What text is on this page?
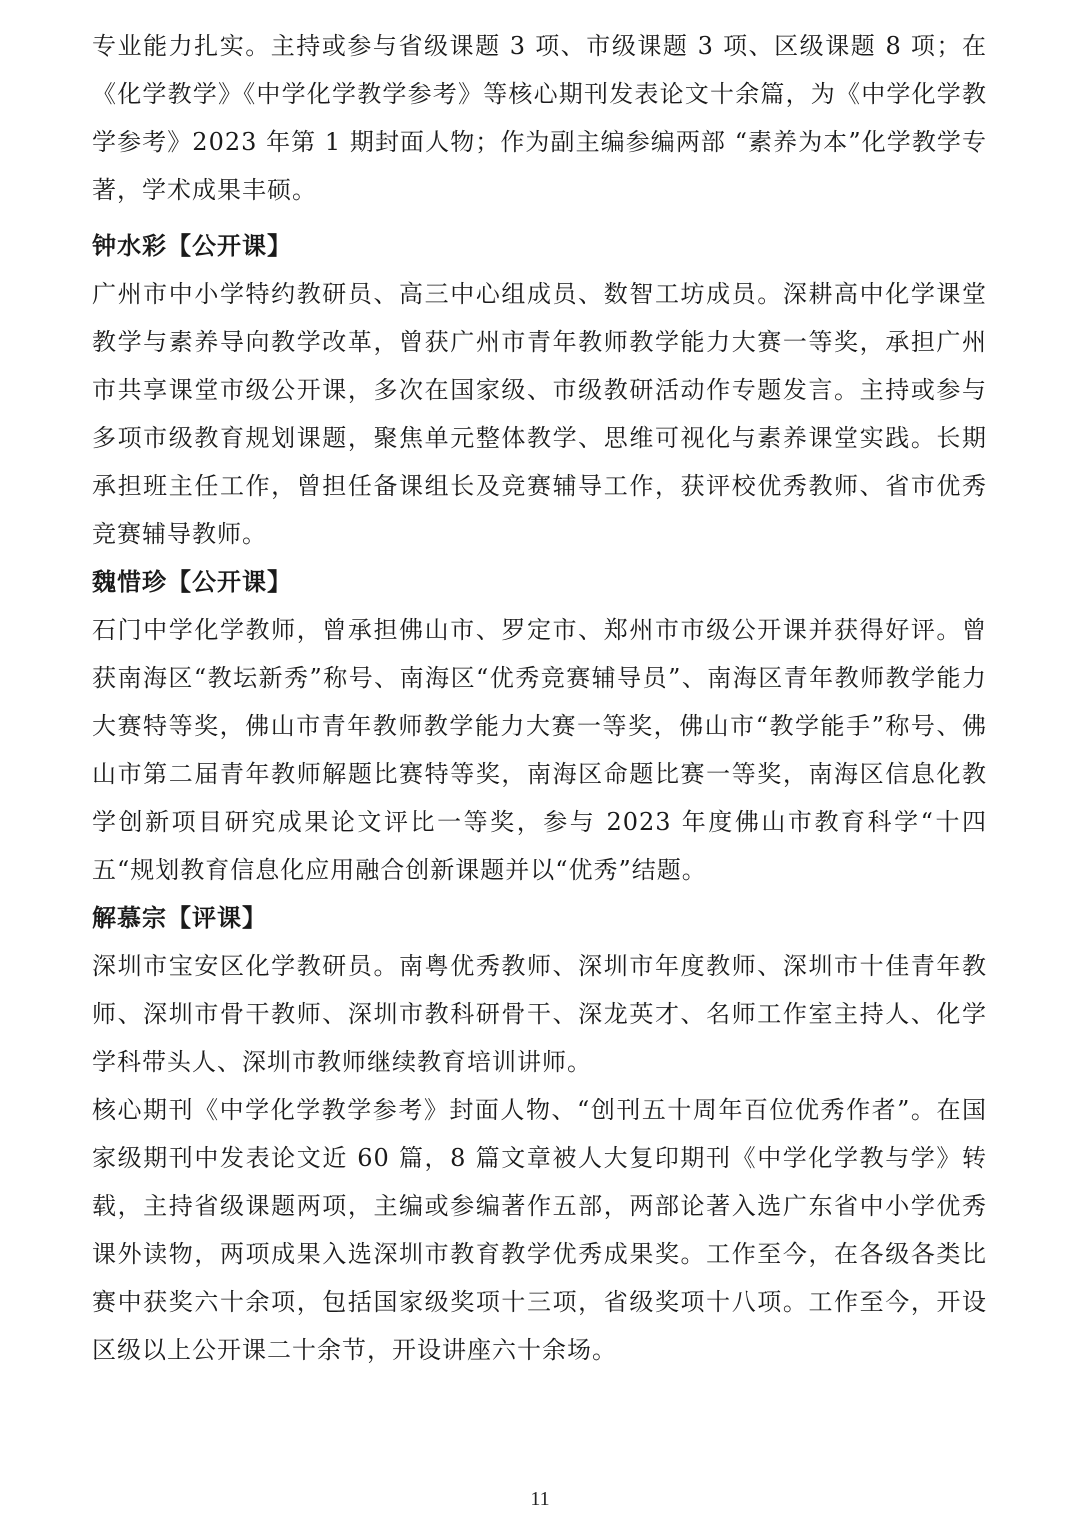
专业能力扎实。主持或参与省级课题 3 项、市级课题 3 项、区级课题 8 项；在《化学教学》《中学化学教学参考》等核心期刊发表论文十余篇，为《中学化学教学参考》2023 年第 1 期封面人物；作为副主编参编两部 “素养为本”化学教学专著，学术成果丰硕。

钟水彩【公开课】

广州市中小学特约教研员、高三中心组成员、数智工坊成员。深耕高中化学课堂教学与素养导向教学改革，曾获广州市青年教师教学能力大赛一等奖，承担广州市共享课堂市级公开课，多次在国家级、市级教研活动作专题发言。主持或参与多项市级教育规划课题，聚焦单元整体教学、思维可视化与素养课堂实践。长期承担班主任工作，曾担任备课组长及竞赛辅导工作，获评校优秀教师、省市优秀竞赛辅导教师。

魏惜珍【公开课】

石门中学化学教师，曾承担佛山市、罗定市、郑州市市级公开课并获得好评。曾获南海区“教坛新秀”称号、南海区“优秀竞赛辅导员”、南海区青年教师教学能力大赛特等奖，佛山市青年教师教学能力大赛一等奖，佛山市“教学能手”称号、佛山市第二届青年教师解题比赛特等奖，南海区命题比赛一等奖，南海区信息化教学创新项目研究成果论文评比一等奖，参与 2023 年度佛山市教育科学“十四五“规划教育信息化应用融合创新课题并以“优秀”结题。

解慕宗【评课】

深圳市宝安区化学教研员。南粤优秀教师、深圳市年度教师、深圳市十佳青年教师、深圳市骨干教师、深圳市教科研骨干、深龙英才、名师工作室主持人、化学学科带头人、深圳市教师继续教育培训讲师。

核心期刊《中学化学教学参考》封面人物、“创刊五十周年百位优秀作者”。在国家级期刊中发表论文近 60 篇，8 篇文章被人大复印期刊《中学化学教与学》转载，主持省级课题两项，主编或参编著作五部，两部论著入选广东省中小学优秀课外读物，两项成果入选深圳市教育教学优秀成果奖。工作至今，在各级各类比赛中获奖六十余项，包括国家级奖项十三项，省级奖项十八项。工作至今，开设区级以上公开课二十余节，开设讲座六十余场。

11
